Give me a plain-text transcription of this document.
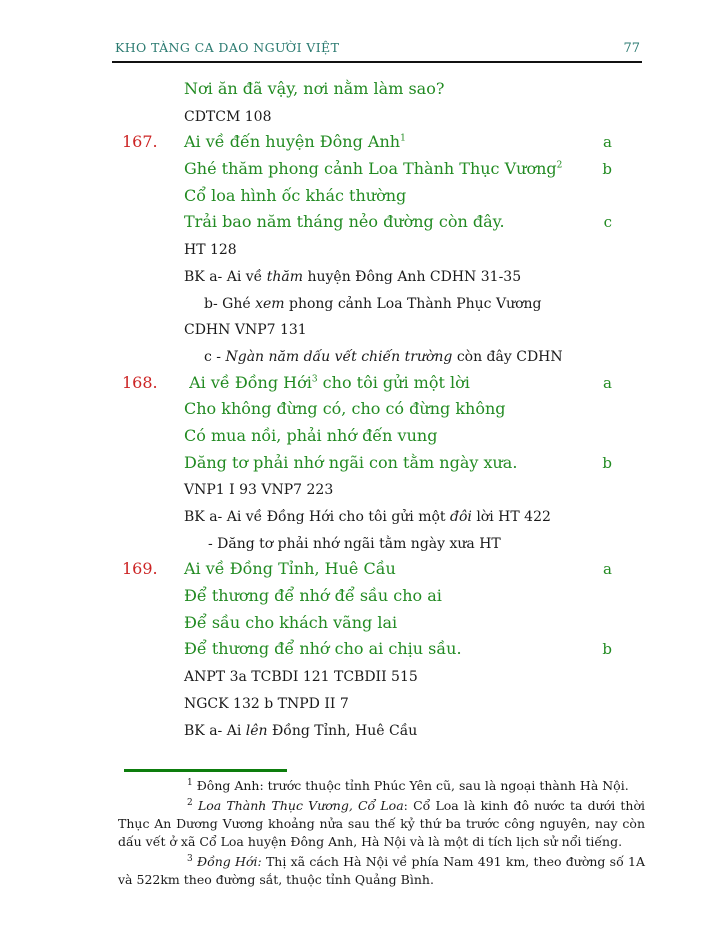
KHO TÀNG CA DAO NGƯỜI VIỆT	77
Nơi ăn đã vậy, nơi nằm làm sao?
CDTCM 108
167. Ai về đến huyện Đông Anh$^1$	a
Ghé thăm phong cảnh Loa Thành Thục Vương$^2$	b
Cổ loa hình ốc khác thường
Trải bao năm tháng nẻo đường còn đây.	c
HT 128
BK a- Ai về thăm huyện Đông Anh CDHN 31-35
b- Ghé xem phong cảnh Loa Thành Phục Vương
CDHN VNP7 131
c - Ngàn năm dấu vết chiến trường còn đây CDHN
168. Ai về Đồng Hới$^3$ cho tôi gửi một lời	a
Cho không đừng có, cho có đừng không
Có mua nồi, phải nhớ đến vung
Dăng tơ phải nhớ ngãi con tằm ngày xưa.	b
VNP1 I 93 VNP7 223
BK a- Ai về Đồng Hới cho tôi gửi một đôi lời HT 422
- Dăng tơ phải nhớ ngãi tằm ngày xưa HT
169. Ai về Đồng Tỉnh, Huê Cầu	a
Để thương để nhớ để sầu cho ai
Để sầu cho khách vãng lai
Để thương để nhớ cho ai chịu sầu.	b
ANPT 3a TCBDI 121 TCBDII 515
NGCK 132 b TNPD II 7
BK a- Ai lên Đồng Tỉnh, Huê Cầu

$^1$ Đông Anh: trước thuộc tỉnh Phúc Yên cũ, sau là ngoại thành Hà Nội.

$^2$ Loa Thành Thục Vương, Cổ Loa: Cổ Loa là kinh đô nước ta dưới thời Thục An Dương Vương khoảng nửa sau thế kỷ thứ ba trước công nguyên, nay còn dấu vết ở xã Cổ Loa huyện Đông Anh, Hà Nội và là một di tích lịch sử nổi tiếng.

$^3$ Đồng Hới: Thị xã cách Hà Nội về phía Nam 491 km, theo đường số 1A và 522km theo đường sắt, thuộc tỉnh Quảng Bình.
